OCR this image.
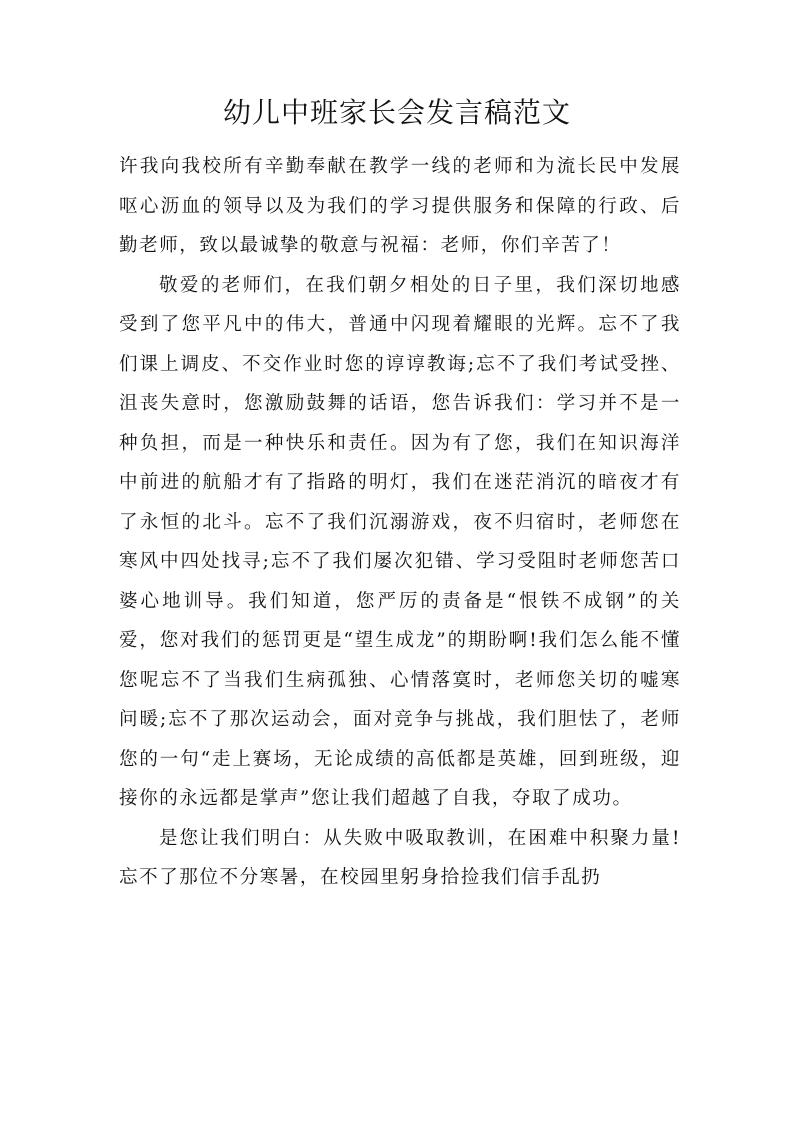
幼儿中班家长会发言稿范文

许我向我校所有辛勤奉献在教学一线的老师和为流长民中发展呕心沥血的领导以及为我们的学习提供服务和保障的行政、后勤老师，致以最诚挚的敬意与祝福：老师，你们辛苦了！

敬爱的老师们，在我们朝夕相处的日子里，我们深切地感受到了您平凡中的伟大，普通中闪现着耀眼的光辉。忘不了我们课上调皮、不交作业时您的谆谆教诲;忘不了我们考试受挫、沮丧失意时，您激励鼓舞的话语，您告诉我们：学习并不是一种负担，而是一种快乐和责任。因为有了您，我们在知识海洋中前进的航船才有了指路的明灯，我们在迷茫消沉的暗夜才有了永恒的北斗。忘不了我们沉溺游戏，夜不归宿时，老师您在寒风中四处找寻;忘不了我们屡次犯错、学习受阻时老师您苦口婆心地训导。我们知道，您严厉的责备是“恨铁不成钢”的关爱，您对我们的惩罚更是“望生成龙”的期盼啊!我们怎么能不懂您呢忘不了当我们生病孤独、心情落寞时，老师您关切的嘘寒问暖;忘不了那次运动会，面对竞争与挑战，我们胆怯了，老师您的一句“走上赛场，无论成绩的高低都是英雄，回到班级，迎接你的永远都是掌声”您让我们超越了自我，夺取了成功。

是您让我们明白：从失败中吸取教训，在困难中积聚力量!忘不了那位不分寒暑，在校园里躬身拾捡我们信手乱扔
